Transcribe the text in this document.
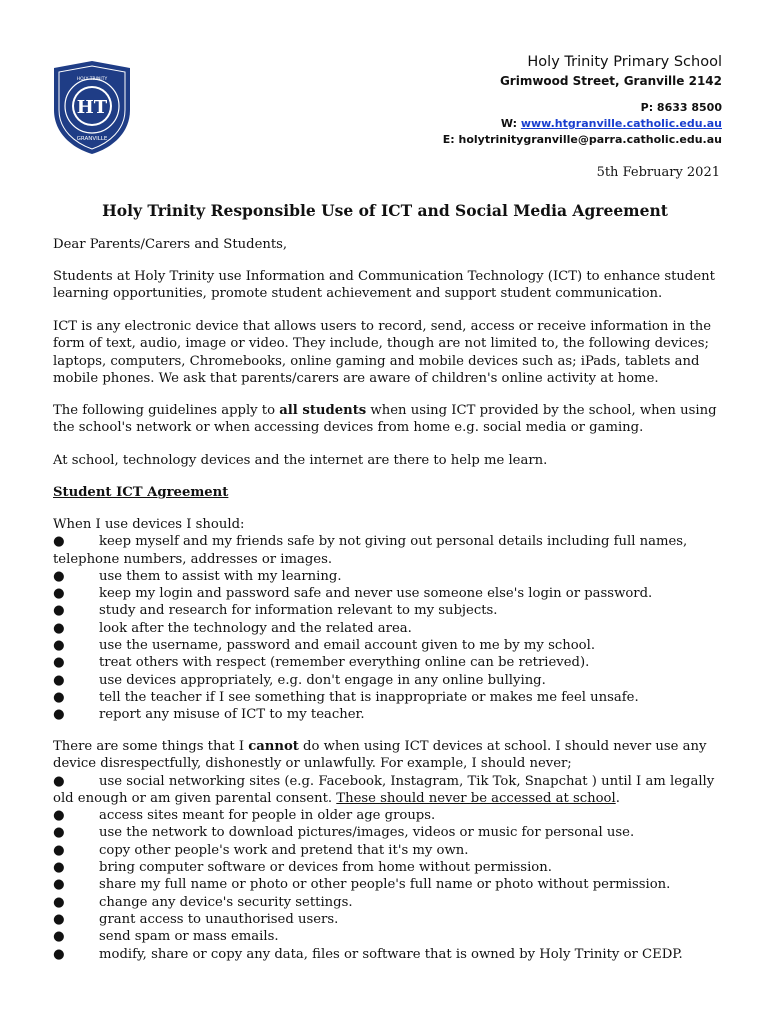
HT
GRANVILLE
HOLY TRINITY
Holy Trinity Primary School
Grimwood Street, Granville 2142
P: 8633 8500
W: www.htgranville.catholic.edu.au
E: holytrinitygranville@parra.catholic.edu.au
5th February 2021
Holy Trinity Responsible Use of ICT and Social Media Agreement
Dear Parents/Carers and Students,
Students at Holy Trinity use Information and Communication Technology (ICT) to enhance student learning opportunities, promote student achievement and support student communication.
ICT is any electronic device that allows users to record, send, access or receive information in the form of text, audio, image or video. They include, though are not limited to, the following devices; laptops, computers, Chromebooks, online gaming and mobile devices such as; iPads, tablets and mobile phones. We ask that parents/carers are aware of children's online activity at home.
The following guidelines apply to all students when using ICT provided by the school, when using the school's network or when accessing devices from home e.g. social media or gaming.
At school, technology devices and the internet are there to help me learn.
Student ICT Agreement
When I use devices I should:
●	keep myself and my friends safe by not giving out personal details including full names, telephone numbers, addresses or images.
●	use them to assist with my learning.
●	keep my login and password safe and never use someone else's login or password.
●	study and research for information relevant to my subjects.
●	look after the technology and the related area.
●	use the username, password and email account given to me by my school.
●	treat others with respect (remember everything online can be retrieved).
●	use devices appropriately, e.g. don't engage in any online bullying.
●	tell the teacher if I see something that is inappropriate or makes me feel unsafe.
●	report any misuse of ICT to my teacher.
There are some things that I cannot do when using ICT devices at school. I should never use any device disrespectfully, dishonestly or unlawfully. For example, I should never;
●	use social networking sites (e.g. Facebook, Instagram, Tik Tok, Snapchat ) until I am legally old enough or am given parental consent. These should never be accessed at school.
●	access sites meant for people in older age groups.
●	use the network to download pictures/images, videos or music for personal use.
●	copy other people's work and pretend that it's my own.
●	bring computer software or devices from home without permission.
●	share my full name or photo or other people's full name or photo without permission.
●	change any device's security settings.
●	grant access to unauthorised users.
●	send spam or mass emails.
●	modify, share or copy any data, files or software that is owned by Holy Trinity or CEDP.
